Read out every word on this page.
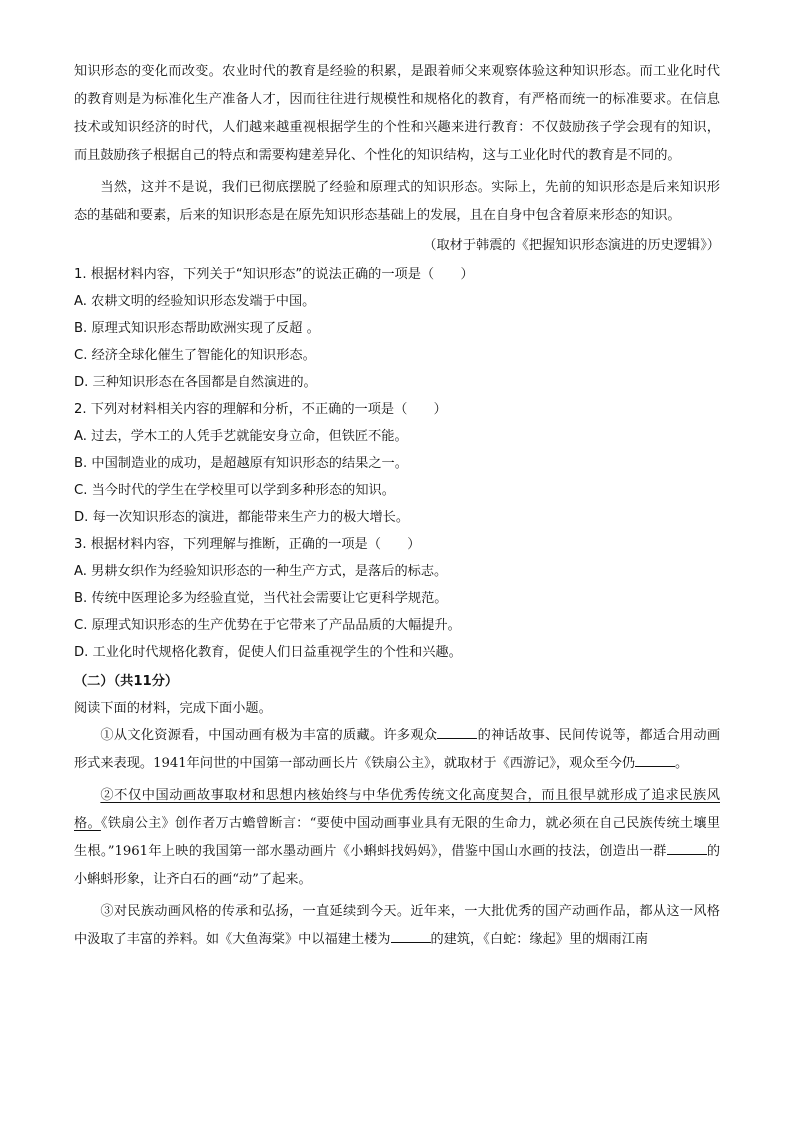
知识形态的变化而改变。农业时代的教育是经验的积累，是跟着师父来观察体验这种知识形态。而工业化时代的教育则是为标准化生产准备人才，因而往往进行规模性和规格化的教育，有严格而统一的标准要求。在信息技术或知识经济的时代，人们越来越重视根据学生的个性和兴趣来进行教育：不仅鼓励孩子学会现有的知识，而且鼓励孩子根据自己的特点和需要构建差异化、个性化的知识结构，这与工业化时代的教育是不同的。

当然，这并不是说，我们已彻底摆脱了经验和原理式的知识形态。实际上，先前的知识形态是后来知识形态的基础和要素，后来的知识形态是在原先知识形态基础上的发展，且在自身中包含着原来形态的知识。

（取材于韩震的《把握知识形态演进的历史逻辑》）

1. 根据材料内容，下列关于“知识形态”的说法正确的一项是（　　）

A. 农耕文明的经验知识形态发端于中国。

B. 原理式知识形态帮助欧洲实现了反超 。

C. 经济全球化催生了智能化的知识形态。

D. 三种知识形态在各国都是自然演进的。

2. 下列对材料相关内容的理解和分析，不正确的一项是（　　）

A. 过去，学木工的人凭手艺就能安身立命，但铁匠不能。

B. 中国制造业的成功，是超越原有知识形态的结果之一。

C. 当今时代的学生在学校里可以学到多种形态的知识。

D. 每一次知识形态的演进，都能带来生产力的极大增长。

3. 根据材料内容，下列理解与推断，正确的一项是（　　）

A. 男耕女织作为经验知识形态的一种生产方式，是落后的标志。

B. 传统中医理论多为经验直觉，当代社会需要让它更科学规范。

C. 原理式知识形态的生产优势在于它带来了产品品质的大幅提升。

D. 工业化时代规格化教育，促使人们日益重视学生的个性和兴趣。

（二）（共11分）

阅读下面的材料，完成下面小题。

①从文化资源看，中国动画有极为丰富的质藏。许多观众	的神话故事、民间传说等，都适合用动画形式来表现。1941年问世的中国第一部动画长片《铁扇公主》，就取材于《西游记》，观众至今仍	。

②不仅中国动画故事取材和思想内核始终与中华优秀传统文化高度契合，而且很早就形成了追求民族风格。《铁扇公主》创作者万古蟾曾断言：“要使中国动画事业具有无限的生命力，就必须在自己民族传统土壤里生根。”1961年上映的我国第一部水墨动画片《小蝌蚪找妈妈》，借鉴中国山水画的技法，创造出一群	的小蝌蚪形象，让齐白石的画“动”了起来。

③对民族动画风格的传承和弘扬，一直延续到今天。近年来，一大批优秀的国产动画作品，都从这一风格中汲取了丰富的养料。如《大鱼海棠》中以福建土楼为	的建筑，《白蛇：缘起》里的烟雨江南
